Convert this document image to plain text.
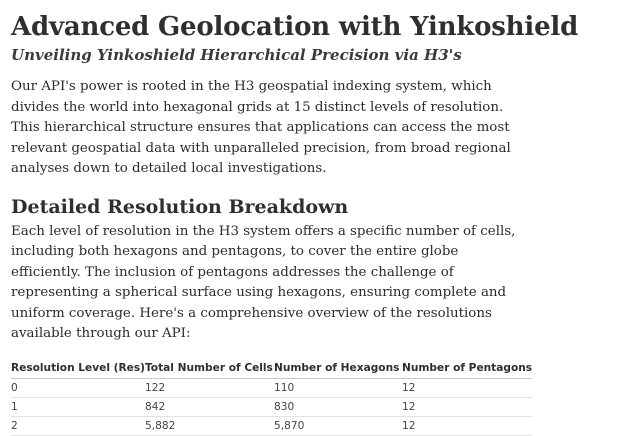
Advanced Geolocation with Yinkoshield
Unveiling Yinkoshield Hierarchical Precision via H3's

Our API's power is rooted in the H3 geospatial indexing system, which divides the world into hexagonal grids at 15 distinct levels of resolution. This hierarchical structure ensures that applications can access the most relevant geospatial data with unparalleled precision, from broad regional analyses down to detailed local investigations.

Detailed Resolution Breakdown

Each level of resolution in the H3 system offers a specific number of cells, including both hexagons and pentagons, to cover the entire globe efficiently. The inclusion of pentagons addresses the challenge of representing a spherical surface using hexagons, ensuring complete and uniform coverage. Here's a comprehensive overview of the resolutions available through our API:

Resolution Level (Res)	Total Number of Cells	Number of Hexagons	Number of Pentagons
0	122	110	12
1	842	830	12
2	5,882	5,870	12
